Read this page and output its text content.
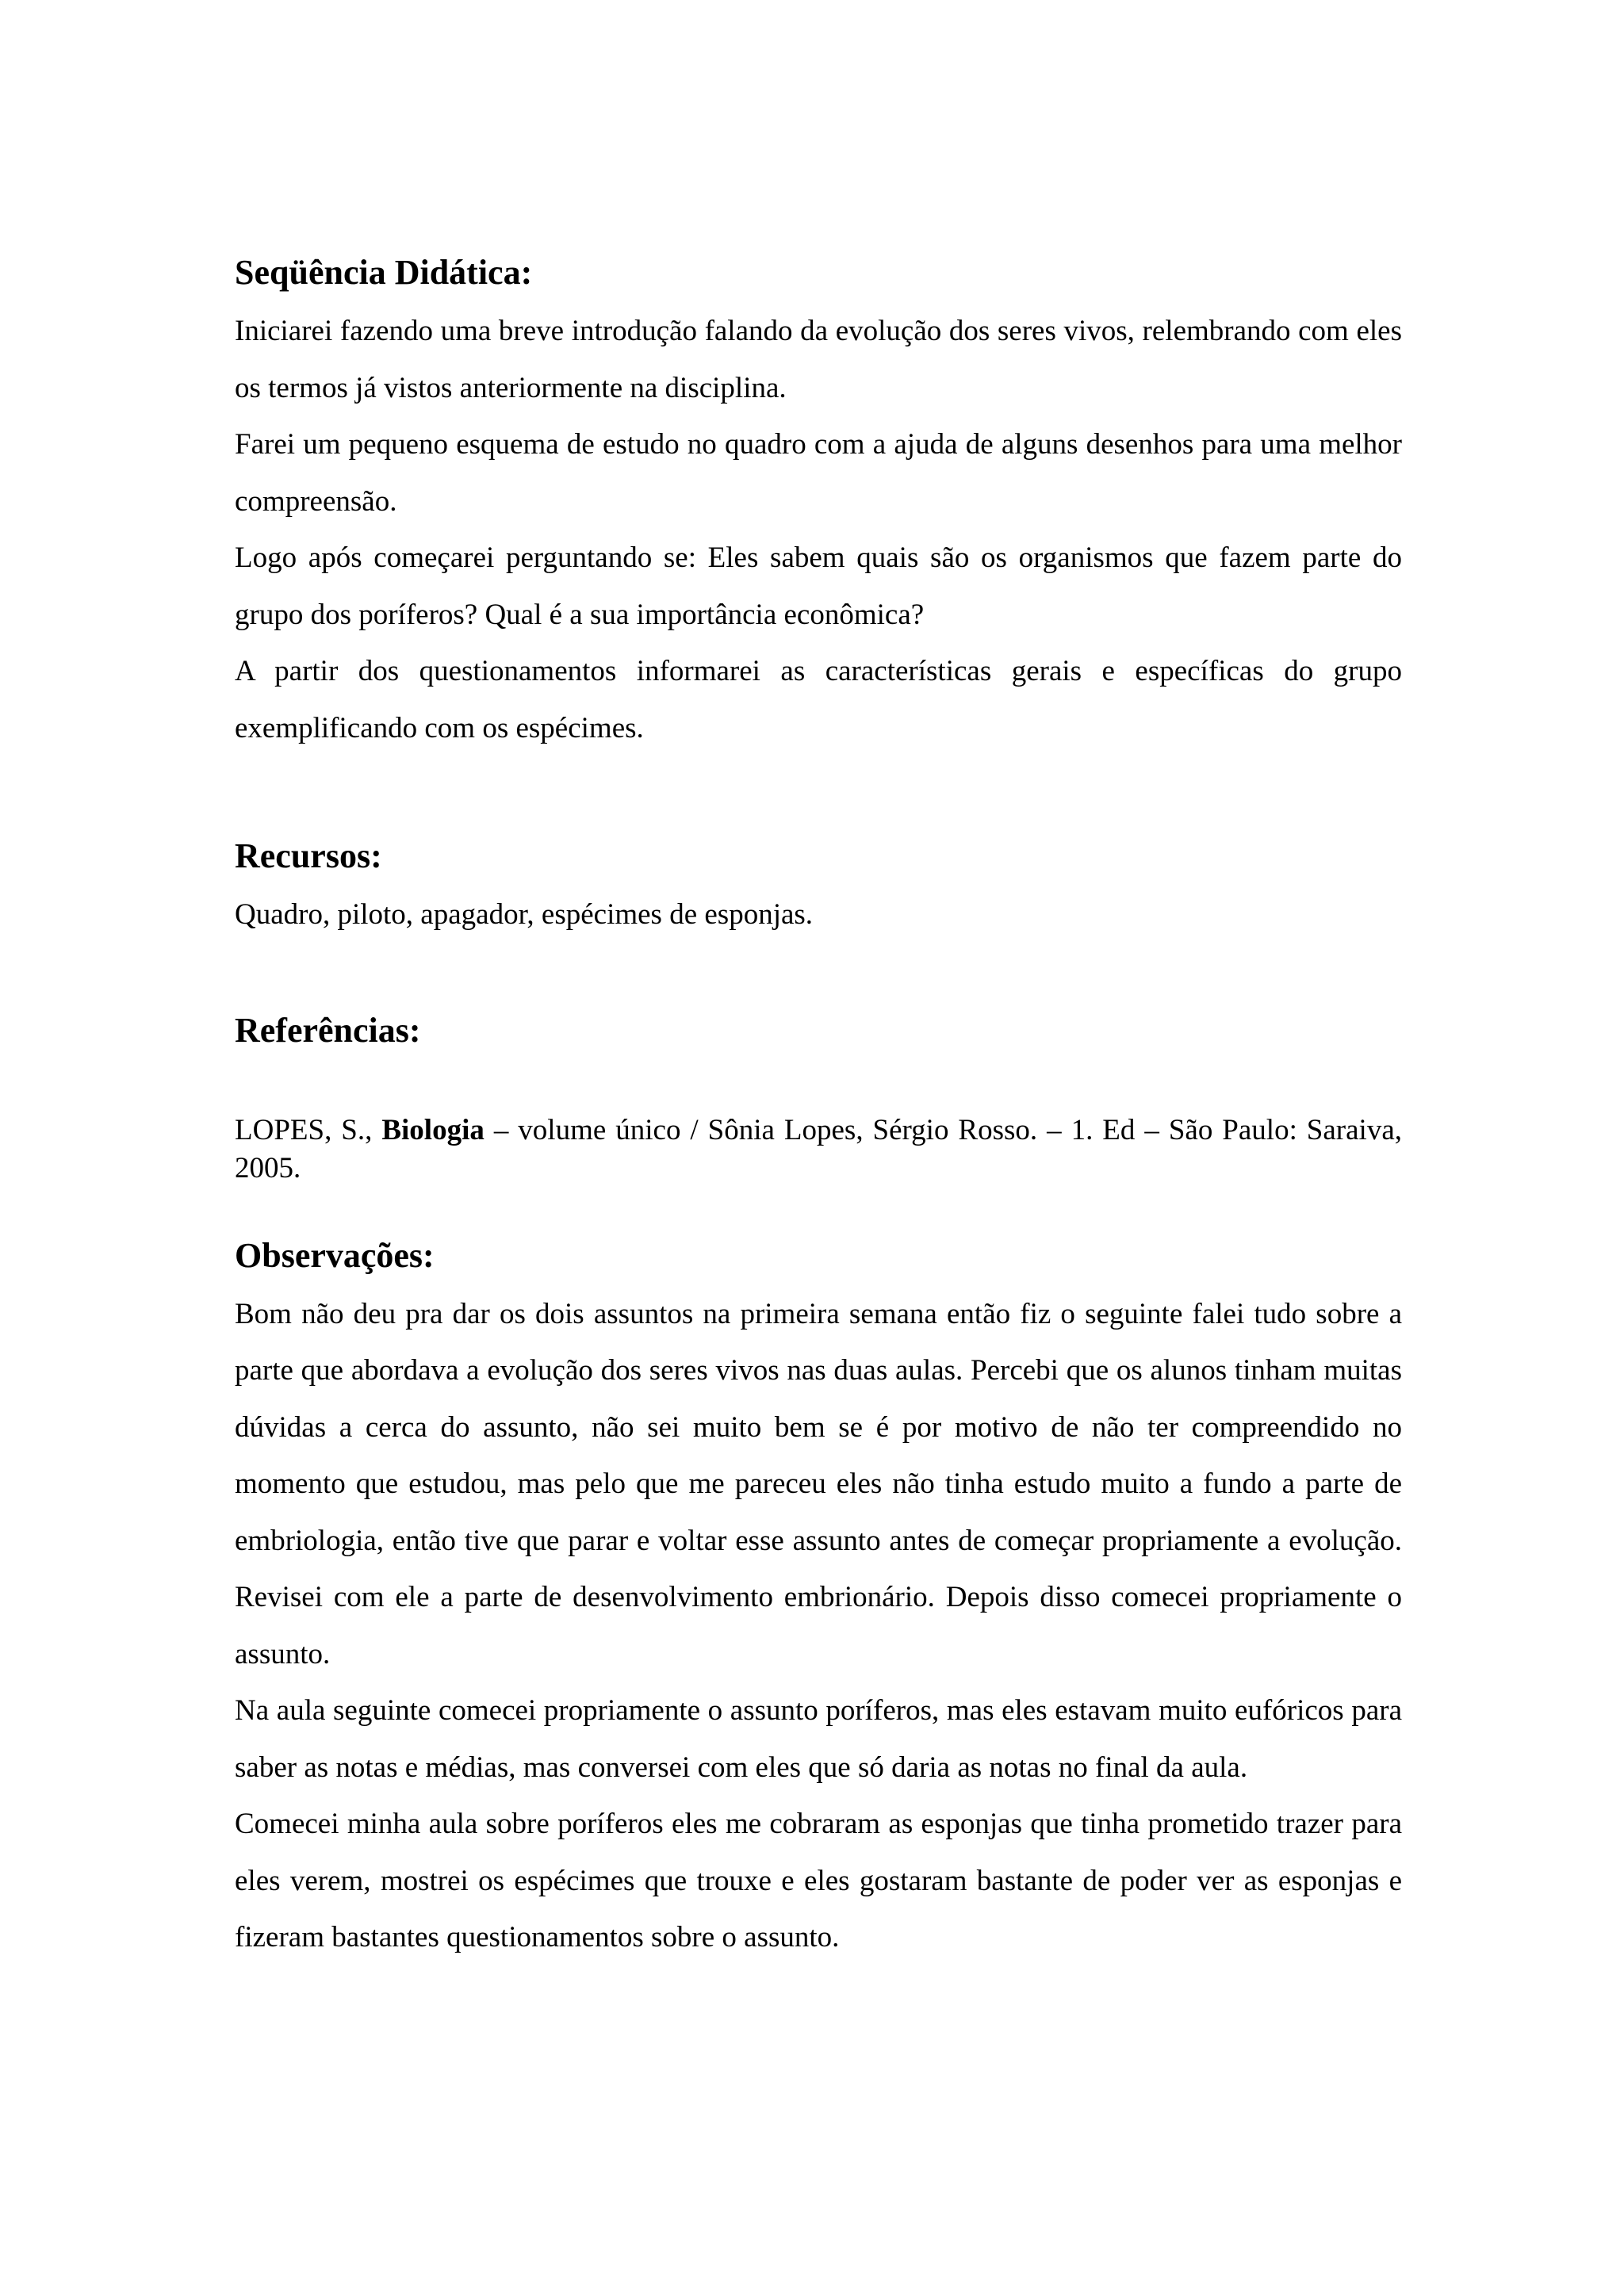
Seqüência Didática:

Iniciarei fazendo uma breve introdução falando da evolução dos seres vivos, relembrando com eles os termos já vistos anteriormente na disciplina.

Farei um pequeno esquema de estudo no quadro com a ajuda de alguns desenhos para uma melhor compreensão.

Logo após começarei perguntando se: Eles sabem quais são os organismos que fazem parte do grupo dos poríferos? Qual é a sua importância econômica?

A partir dos questionamentos informarei as características gerais e específicas do grupo exemplificando com os espécimes.

Recursos:

Quadro, piloto, apagador, espécimes de esponjas.

Referências:

LOPES, S., Biologia – volume único / Sônia Lopes, Sérgio Rosso. – 1. Ed – São Paulo: Saraiva, 2005.

Observações:

Bom não deu pra dar os dois assuntos na primeira semana então fiz o seguinte falei tudo sobre a parte que abordava a evolução dos seres vivos nas duas aulas. Percebi que os alunos tinham muitas dúvidas a cerca do assunto, não sei muito bem se é por motivo de não ter compreendido no momento que estudou, mas pelo que me pareceu eles não tinha estudo muito a fundo a parte de embriologia, então tive que parar e voltar esse assunto antes de começar propriamente a evolução. Revisei com ele a parte de desenvolvimento embrionário. Depois disso comecei propriamente o assunto.

Na aula seguinte comecei propriamente o assunto poríferos, mas eles estavam muito eufóricos para saber as notas e médias, mas conversei com eles que só daria as notas no final da aula.

Comecei minha aula sobre poríferos eles me cobraram as esponjas que tinha prometido trazer para eles verem, mostrei os espécimes que trouxe e eles gostaram bastante de poder ver as esponjas e fizeram bastantes questionamentos sobre o assunto.
